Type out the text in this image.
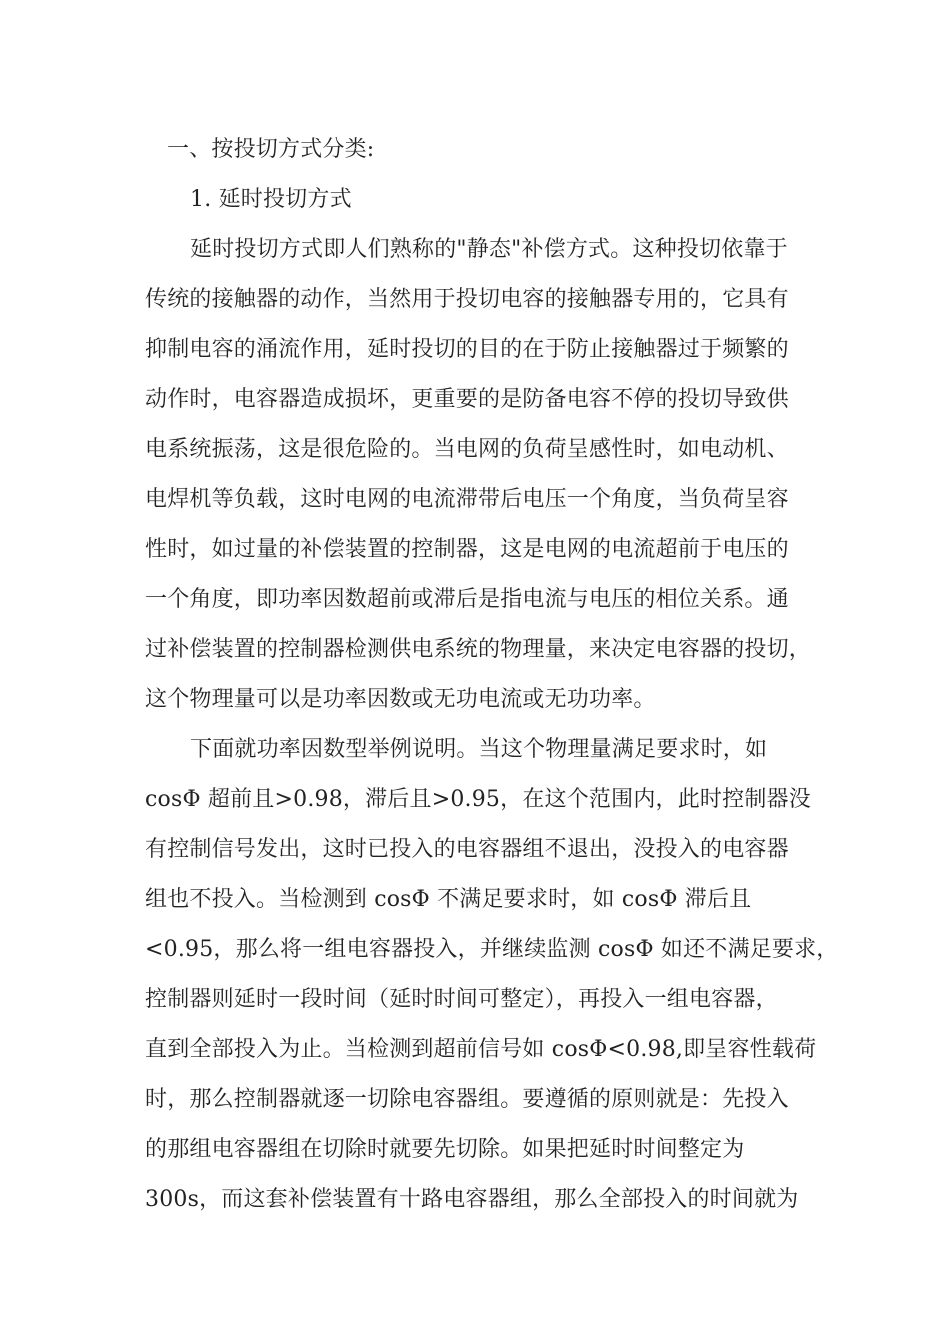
一、按投切方式分类:
1. 延时投切方式
延时投切方式即人们熟称的"静态"补偿方式。这种投切依靠于
传统的接触器的动作，当然用于投切电容的接触器专用的，它具有
抑制电容的涌流作用，延时投切的目的在于防止接触器过于频繁的
动作时，电容器造成损坏，更重要的是防备电容不停的投切导致供
电系统振荡，这是很危险的。当电网的负荷呈感性时，如电动机、
电焊机等负载，这时电网的电流滞带后电压一个角度，当负荷呈容
性时，如过量的补偿装置的控制器，这是电网的电流超前于电压的
一个角度，即功率因数超前或滞后是指电流与电压的相位关系。通
过补偿装置的控制器检测供电系统的物理量，来决定电容器的投切，
这个物理量可以是功率因数或无功电流或无功功率。
下面就功率因数型举例说明。当这个物理量满足要求时，如
cosΦ 超前且>0.98，滞后且>0.95，在这个范围内，此时控制器没
有控制信号发出，这时已投入的电容器组不退出，没投入的电容器
组也不投入。当检测到 cosΦ 不满足要求时，如 cosΦ 滞后且
<0.95，那么将一组电容器投入，并继续监测 cosΦ 如还不满足要求，
控制器则延时一段时间（延时时间可整定），再投入一组电容器，
直到全部投入为止。当检测到超前信号如 cosΦ<0.98,即呈容性载荷
时，那么控制器就逐一切除电容器组。要遵循的原则就是：先投入
的那组电容器组在切除时就要先切除。如果把延时时间整定为
300s，而这套补偿装置有十路电容器组，那么全部投入的时间就为
